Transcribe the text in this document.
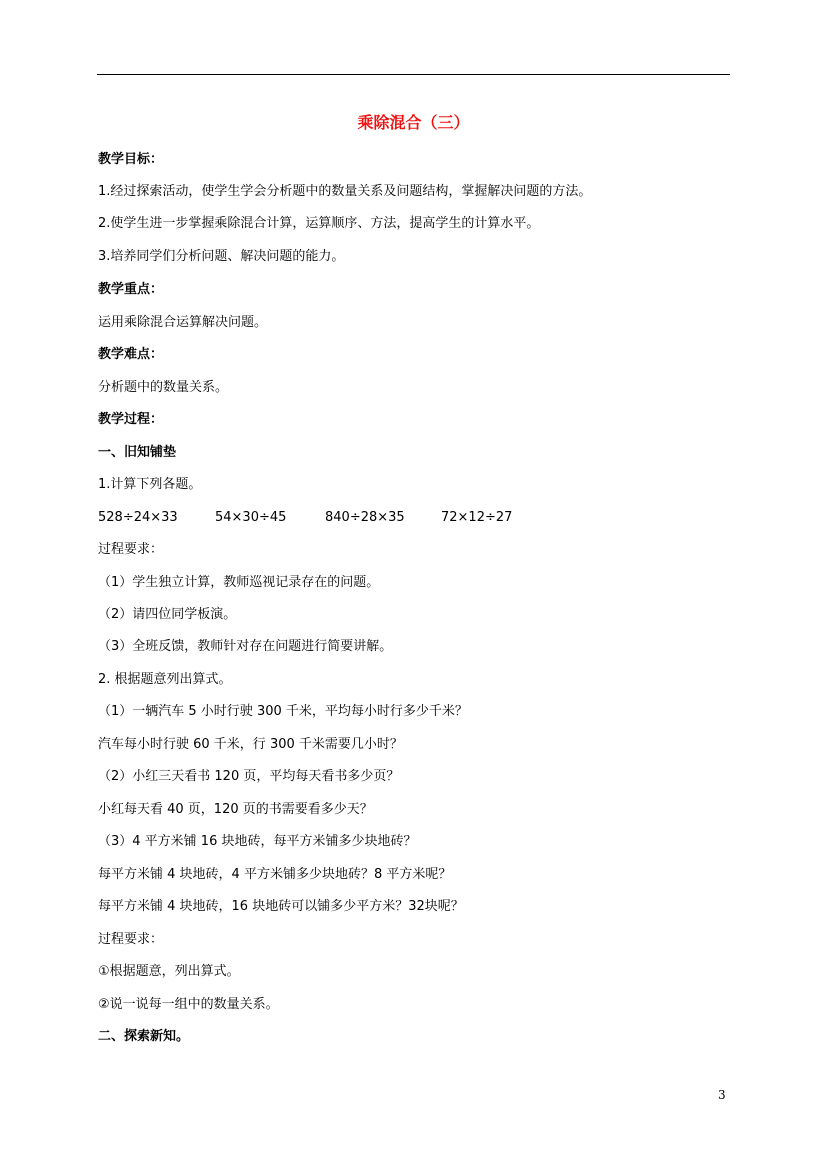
乘除混合（三）
教学目标：
1.经过探索活动，使学生学会分析题中的数量关系及问题结构，掌握解决问题的方法。
2.使学生进一步掌握乘除混合计算，运算顺序、方法，提高学生的计算水平。
3.培养同学们分析问题、解决问题的能力。
教学重点：
运用乘除混合运算解决问题。
教学难点：
分析题中的数量关系。
教学过程：
一、旧知铺垫
1.计算下列各题。
528÷24×33	54×30÷45	840÷28×35	72×12÷27
过程要求：
（1）学生独立计算，教师巡视记录存在的问题。
（2）请四位同学板演。
（3）全班反馈，教师针对存在问题进行简要讲解。
2. 根据题意列出算式。
（1）一辆汽车 5 小时行驶 300 千米，平均每小时行多少千米？
汽车每小时行驶 60 千米，行 300 千米需要几小时？
（2）小红三天看书 120 页，平均每天看书多少页？
小红每天看 40 页，120 页的书需要看多少天？
（3）4 平方米铺 16 块地砖，每平方米铺多少块地砖？
每平方米铺 4 块地砖，4 平方米铺多少块地砖？8 平方米呢？
每平方米铺 4 块地砖，16 块地砖可以铺多少平方米？32块呢？
过程要求：
①根据题意，列出算式。
②说一说每一组中的数量关系。
二、探索新知。
3
